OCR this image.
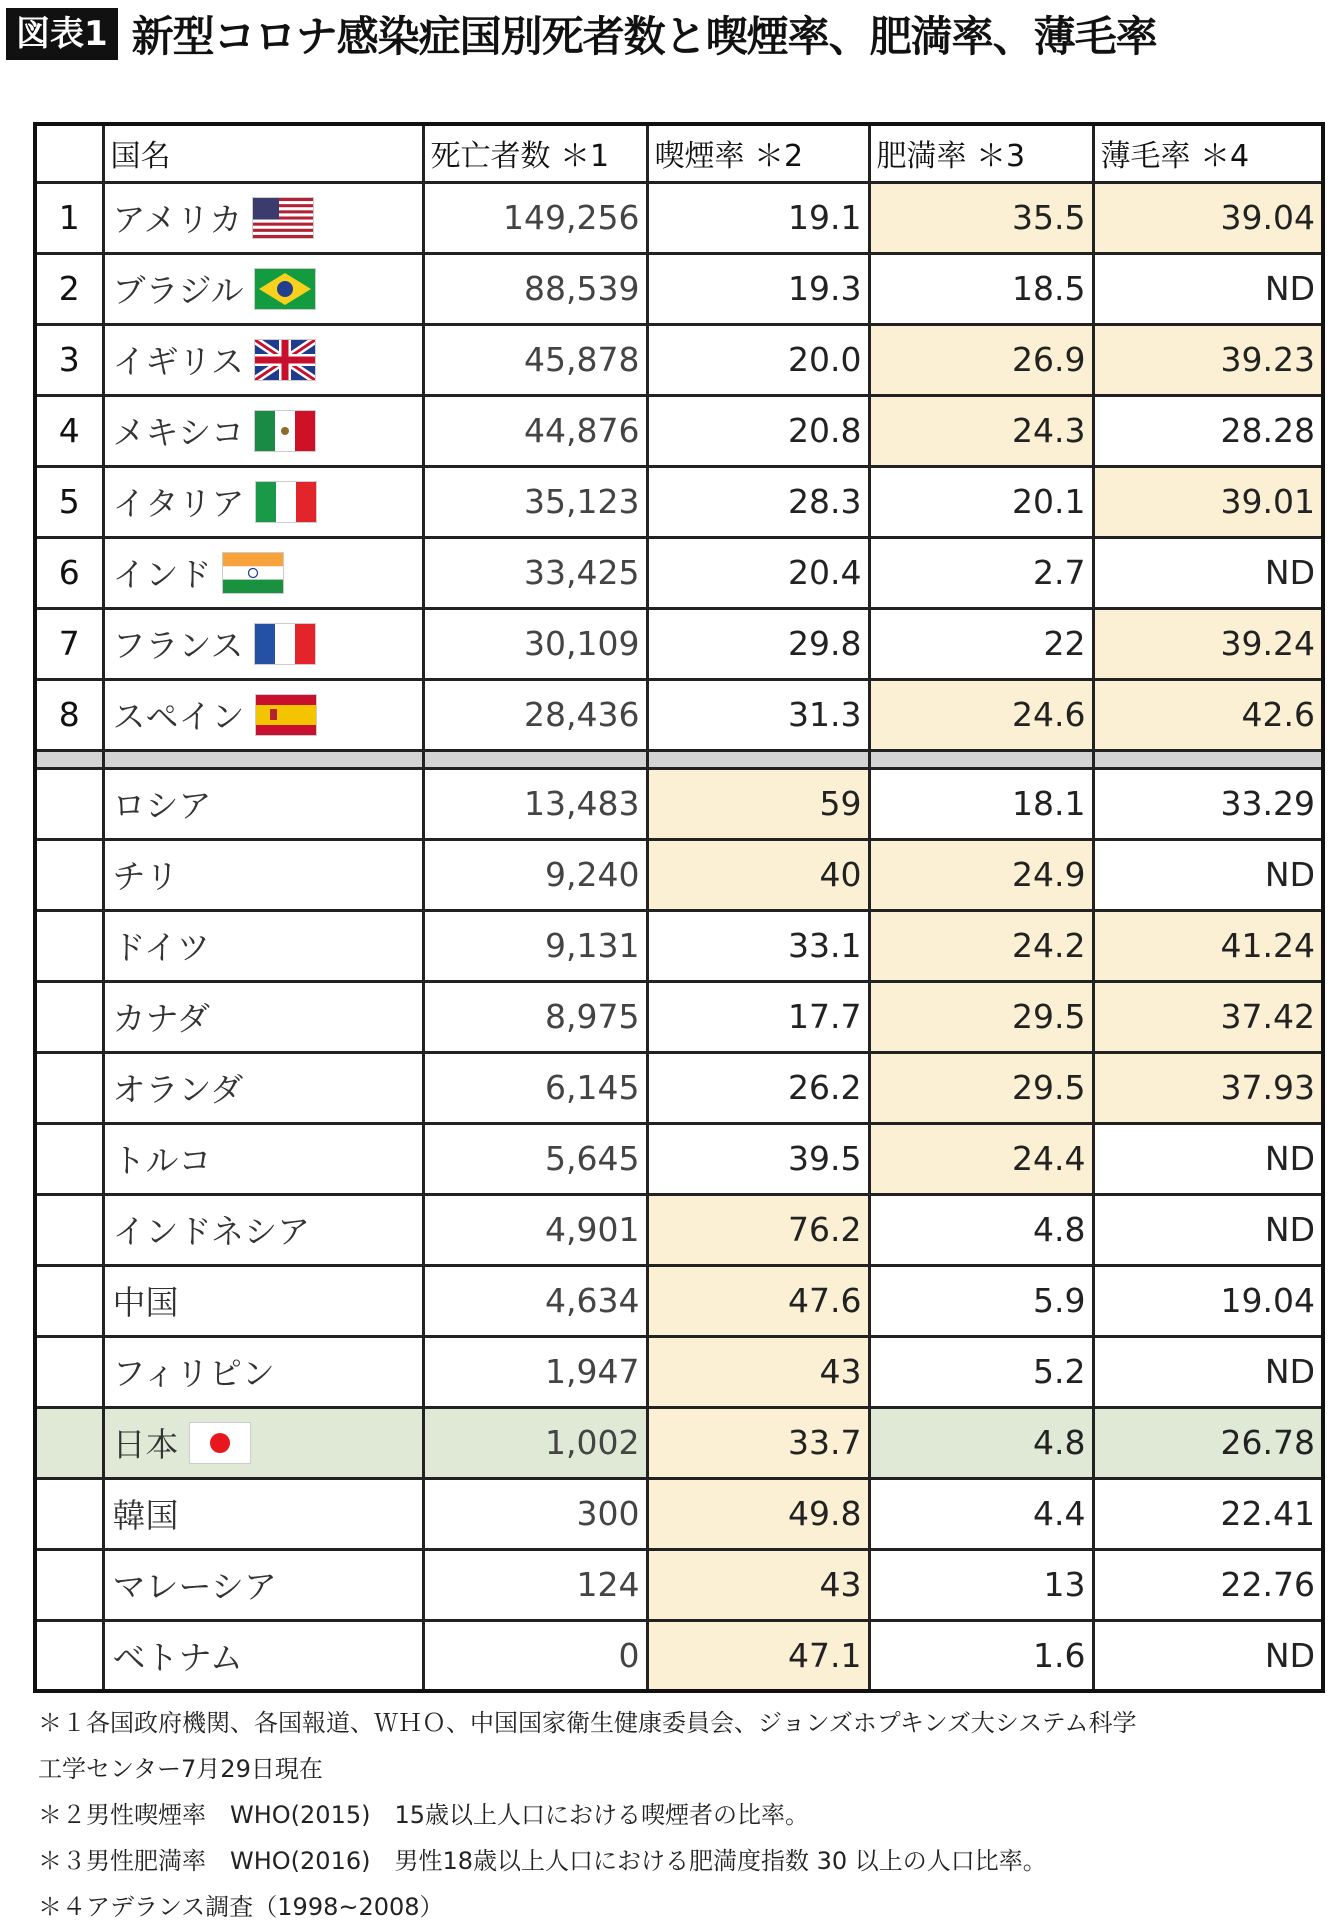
図表1 新型コロナ感染症国別死者数と喫煙率、肥満率、薄毛率
	国名	死亡者数 ＊1	喫煙率 ＊2	肥満率 ＊3	薄毛率 ＊4
1	アメリカ	149,256	19.1	35.5	39.04
2	ブラジル	88,539	19.3	18.5	ND
3	イギリス	45,878	20.0	26.9	39.23
4	メキシコ	44,876	20.8	24.3	28.28
5	イタリア	35,123	28.3	20.1	39.01
6	インド	33,425	20.4	2.7	ND
7	フランス	30,109	29.8	22	39.24
8	スペイン	28,436	31.3	24.6	42.6

	ロシア	13,483	59	18.1	33.29

	チリ	9,240	40	24.9	ND

	ドイツ	9,131	33.1	24.2	41.24

	カナダ	8,975	17.7	29.5	37.42

	オランダ	6,145	26.2	29.5	37.93

	トルコ	5,645	39.5	24.4	ND

	インドネシア	4,901	76.2	4.8	ND

	中国	4,634	47.6	5.9	19.04

	フィリピン	1,947	43	5.2	ND

	日本	1,002	33.7	4.8	26.78

	韓国	300	49.8	4.4	22.41

	マレーシア	124	43	13	22.76

	ベトナム	0	47.1	1.6	ND

＊１各国政府機関、各国報道、ＷＨＯ、中国国家衛生健康委員会、ジョンズホプキンズ大システム科学

工学センター7月29日現在

＊２男性喫煙率　WHO(2015)　15歳以上人口における喫煙者の比率。

＊３男性肥満率　WHO(2016)　男性18歳以上人口における肥満度指数 30 以上の人口比率。

＊４アデランス調査（1998~2008）
